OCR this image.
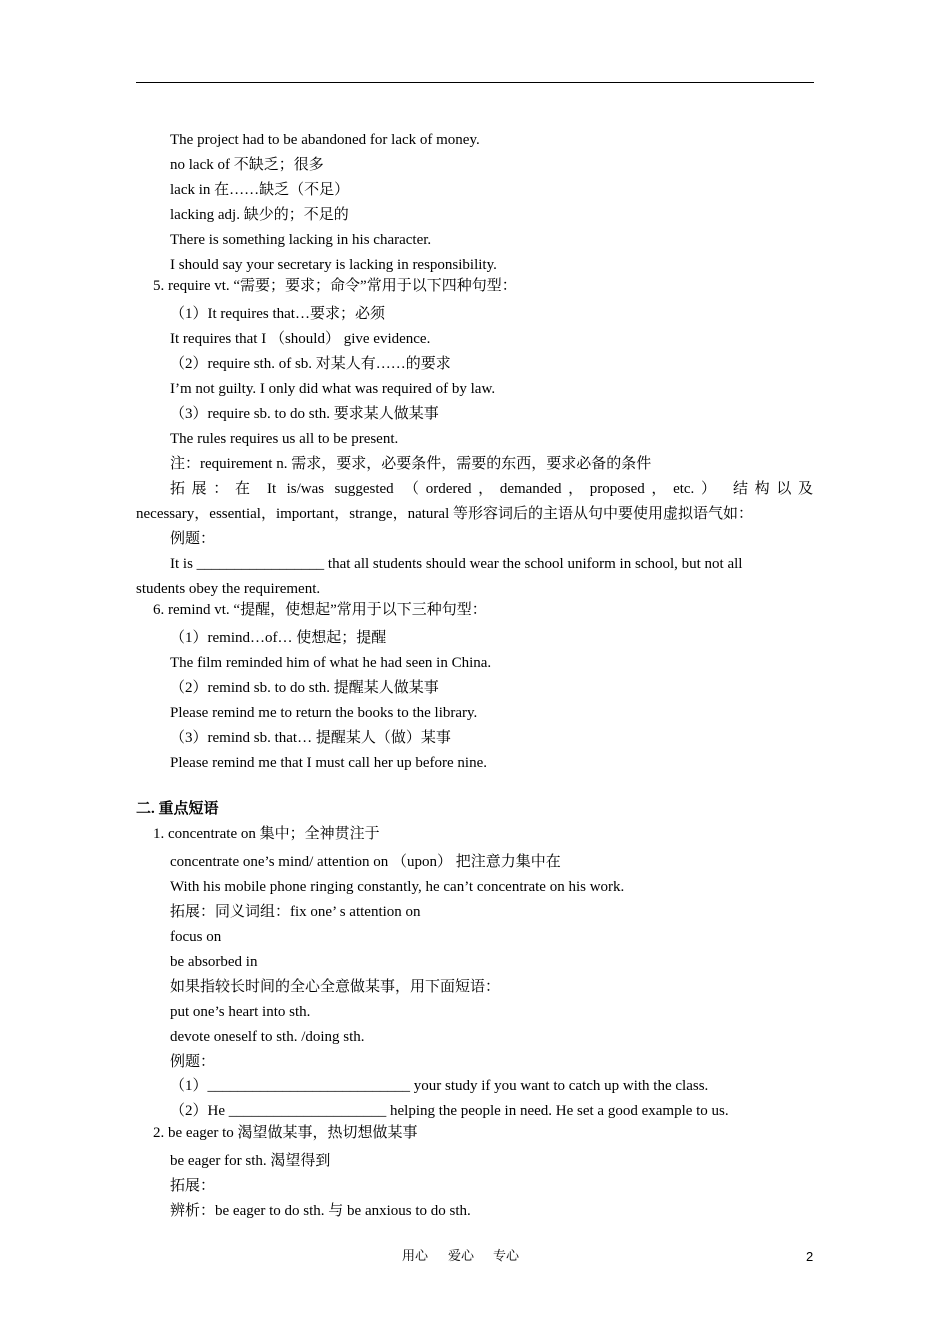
The project had to be abandoned for lack of money.
no lack of 不缺乏；很多
lack in 在……缺乏（不足）
lacking adj. 缺少的；不足的
There is something lacking in his character.
I should say your secretary is lacking in responsibility.
5. require vt. “需要；要求；命令”常用于以下四种句型：
（1）It requires that…要求；必须
It requires that I （should） give evidence.
（2）require sth. of sb. 对某人有……的要求
I’m not guilty. I only did what was required of by law.
（3）require sb. to do sth. 要求某人做某事
The rules requires us all to be present.
注：requirement n. 需求，要求，必要条件，需要的东西，要求必备的条件
拓展：在 It is/was suggested （ordered，demanded，proposed，etc.） 结构以及
necessary，essential，important，strange，natural 等形容词后的主语从句中要使用虚拟语气如：
例题：
It is _________________ that all students should wear the school uniform in school, but not all
students obey the requirement.
6. remind vt. “提醒，使想起”常用于以下三种句型：
（1）remind…of… 使想起；提醒
The film reminded him of what he had seen in China.
（2）remind sb. to do sth. 提醒某人做某事
Please remind me to return the books to the library.
（3）remind sb. that… 提醒某人（做）某事
Please remind me that I must call her up before nine.
二. 重点短语
1. concentrate on 集中；全神贯注于
concentrate one’s mind/ attention on （upon） 把注意力集中在
With his mobile phone ringing constantly, he can’t concentrate on his work.
拓展：同义词组：fix one’ s attention on
focus on
be absorbed in
如果指较长时间的全心全意做某事，用下面短语：
put one’s heart into sth.
devote oneself to sth. /doing sth.
例题：
（1）___________________________ your study if you want to catch up with the class.
（2）He _____________________ helping the people in need. He set a good example to us.
2. be eager to 渴望做某事，热切想做某事
be eager for sth. 渴望得到
拓展：
辨析：be eager to do sth. 与 be anxious to do sth.
用心 爱心 专心	2
